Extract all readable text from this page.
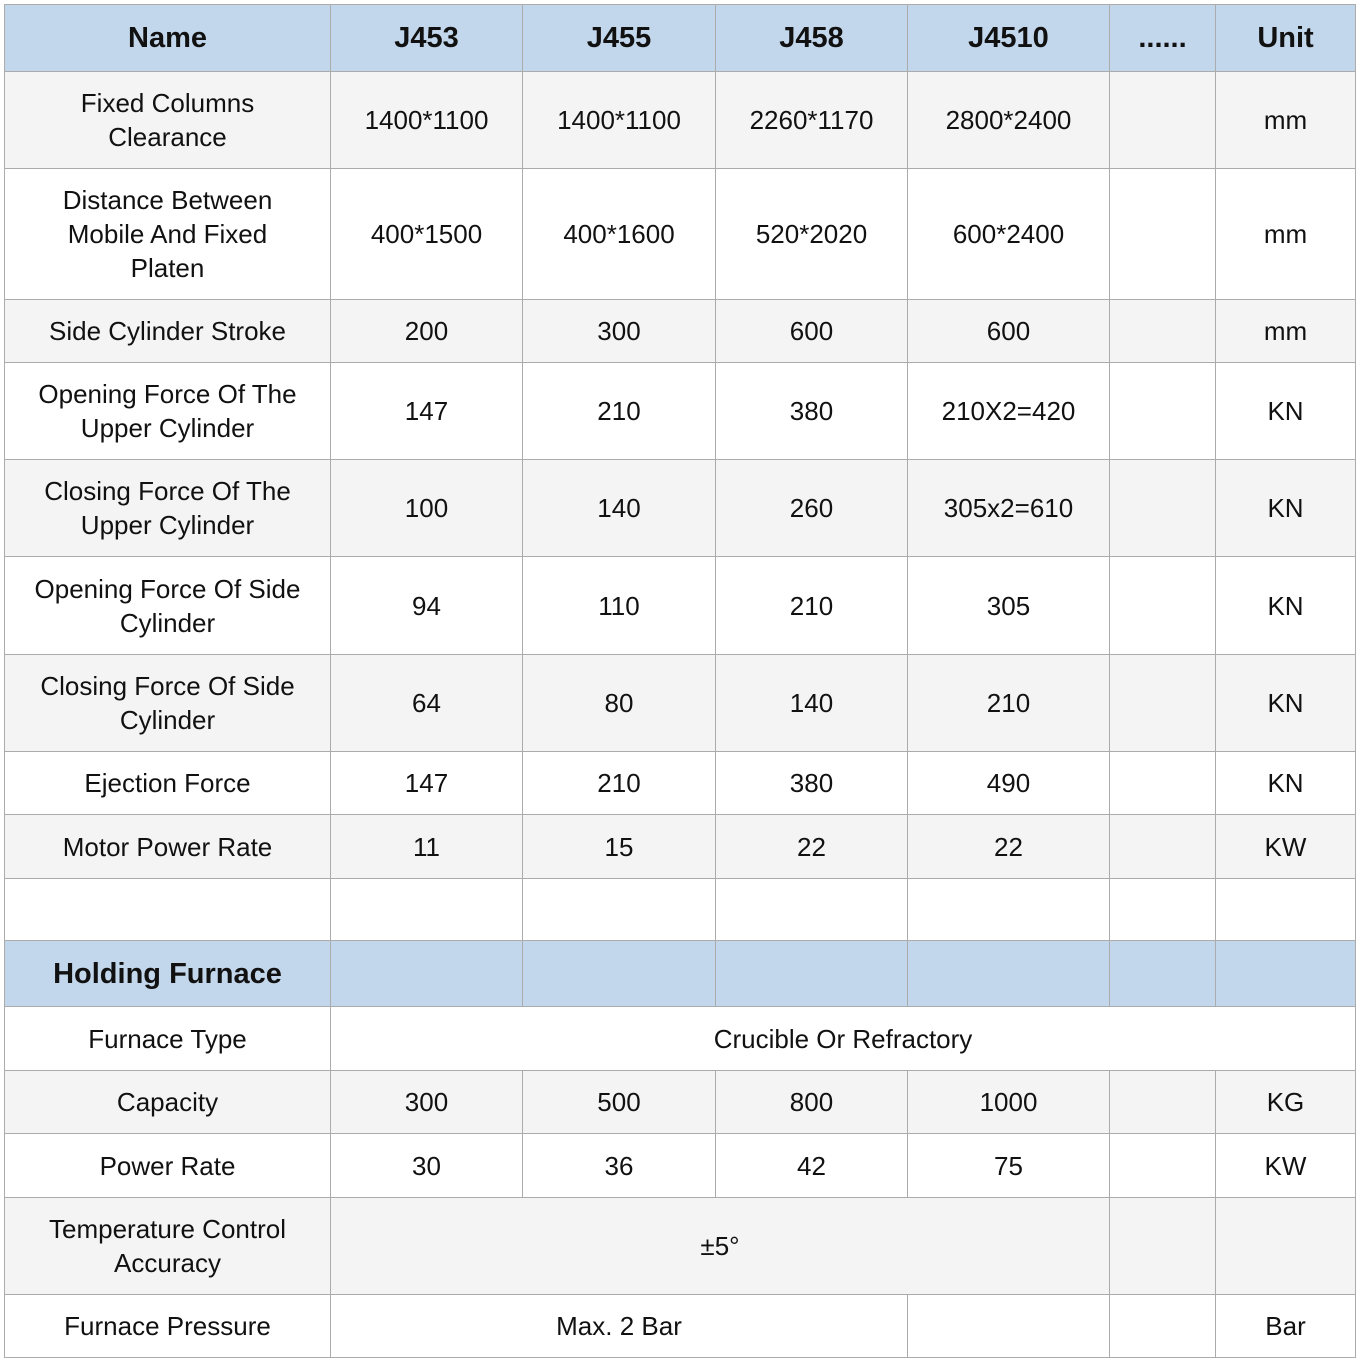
Name	J453	J455	J458	J4510	......	Unit
Fixed Columns Clearance	1400*1100	1400*1100	2260*1170	2800*2400		mm
Distance Between Mobile And Fixed Platen	400*1500	400*1600	520*2020	600*2400		mm
Side Cylinder Stroke	200	300	600	600		mm
Opening Force Of The Upper Cylinder	147	210	380	210X2=420		KN
Closing Force Of The Upper Cylinder	100	140	260	305x2=610		KN
Opening Force Of Side Cylinder	94	110	210	305		KN
Closing Force Of Side Cylinder	64	80	140	210		KN
Ejection Force	147	210	380	490		KN
Motor Power Rate	11	15	22	22		KW

Holding Furnace						
Furnace Type	Crucible Or Refractory					
Capacity	300	500	800	1000		KG
Power Rate	30	36	42	75		KW
Temperature Control Accuracy	±5°					
Furnace Pressure	Max. 2 Bar					Bar
